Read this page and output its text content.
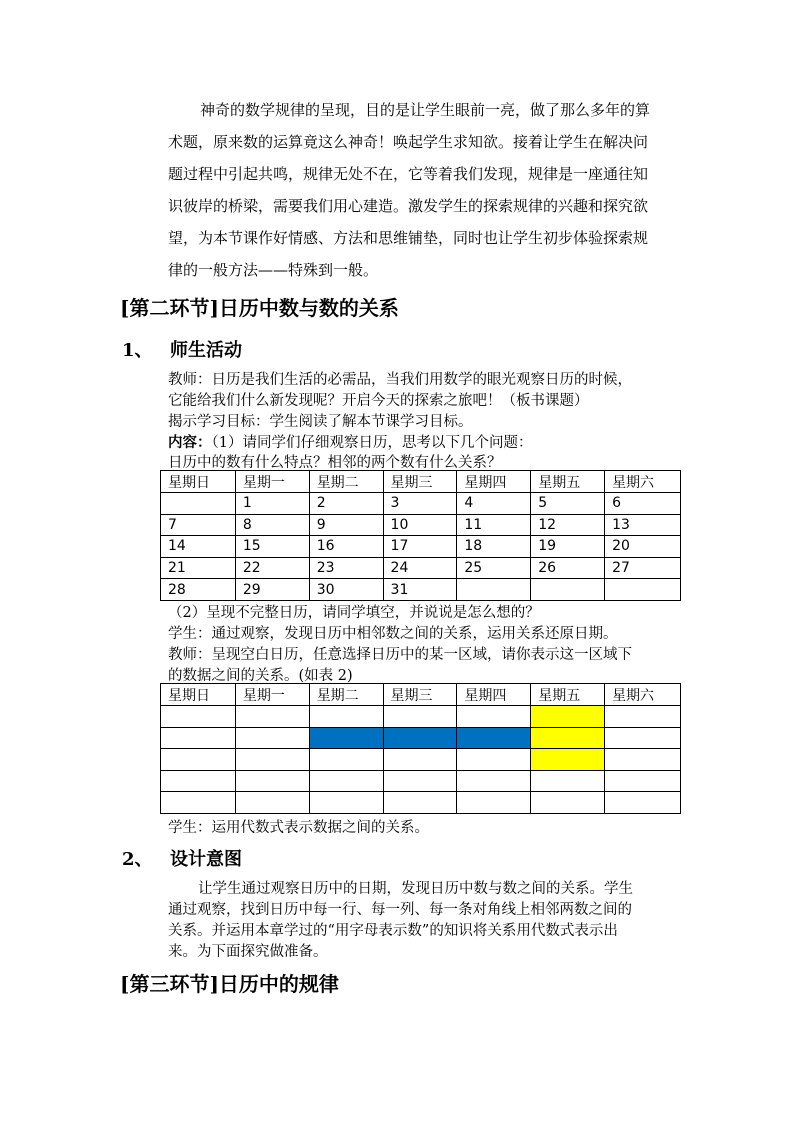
神奇的数学规律的呈现，目的是让学生眼前一亮，做了那么多年的算
术题，原来数的运算竟这么神奇！唤起学生求知欲。接着让学生在解决问
题过程中引起共鸣，规律无处不在，它等着我们发现，规律是一座通往知
识彼岸的桥梁，需要我们用心建造。激发学生的探索规律的兴趣和探究欲
望，为本节课作好情感、方法和思维铺垫，同时也让学生初步体验探索规
律的一般方法——特殊到一般。
[第二环节]日历中数与数的关系
1、 师生活动
教师：日历是我们生活的必需品，当我们用数学的眼光观察日历的时候，
它能给我们什么新发现呢？开启今天的探索之旅吧！（板书课题）
揭示学习目标：学生阅读了解本节课学习目标。
内容：（1）请同学们仔细观察日历，思考以下几个问题：
日历中的数有什么特点？相邻的两个数有什么关系？
星期日	星期一	星期二	星期三	星期四	星期五	星期六
	1	2	3	4	5	6
7	8	9	10	11	12	13
14	15	16	17	18	19	20
21	22	23	24	25	26	27
28	29	30	31			
（2）呈现不完整日历，请同学填空，并说说是怎么想的？
学生：通过观察，发现日历中相邻数之间的关系，运用关系还原日期。
教师：呈现空白日历，任意选择日历中的某一区域，请你表示这一区域下
的数据之间的关系。(如表 2)
星期日	星期一	星期二	星期三	星期四	星期五	星期六

学生：运用代数式表示数据之间的关系。
2、 设计意图
让学生通过观察日历中的日期，发现日历中数与数之间的关系。学生
通过观察，找到日历中每一行、每一列、每一条对角线上相邻两数之间的
关系。并运用本章学过的“用字母表示数”的知识将关系用代数式表示出
来。为下面探究做准备。
[第三环节]日历中的规律
